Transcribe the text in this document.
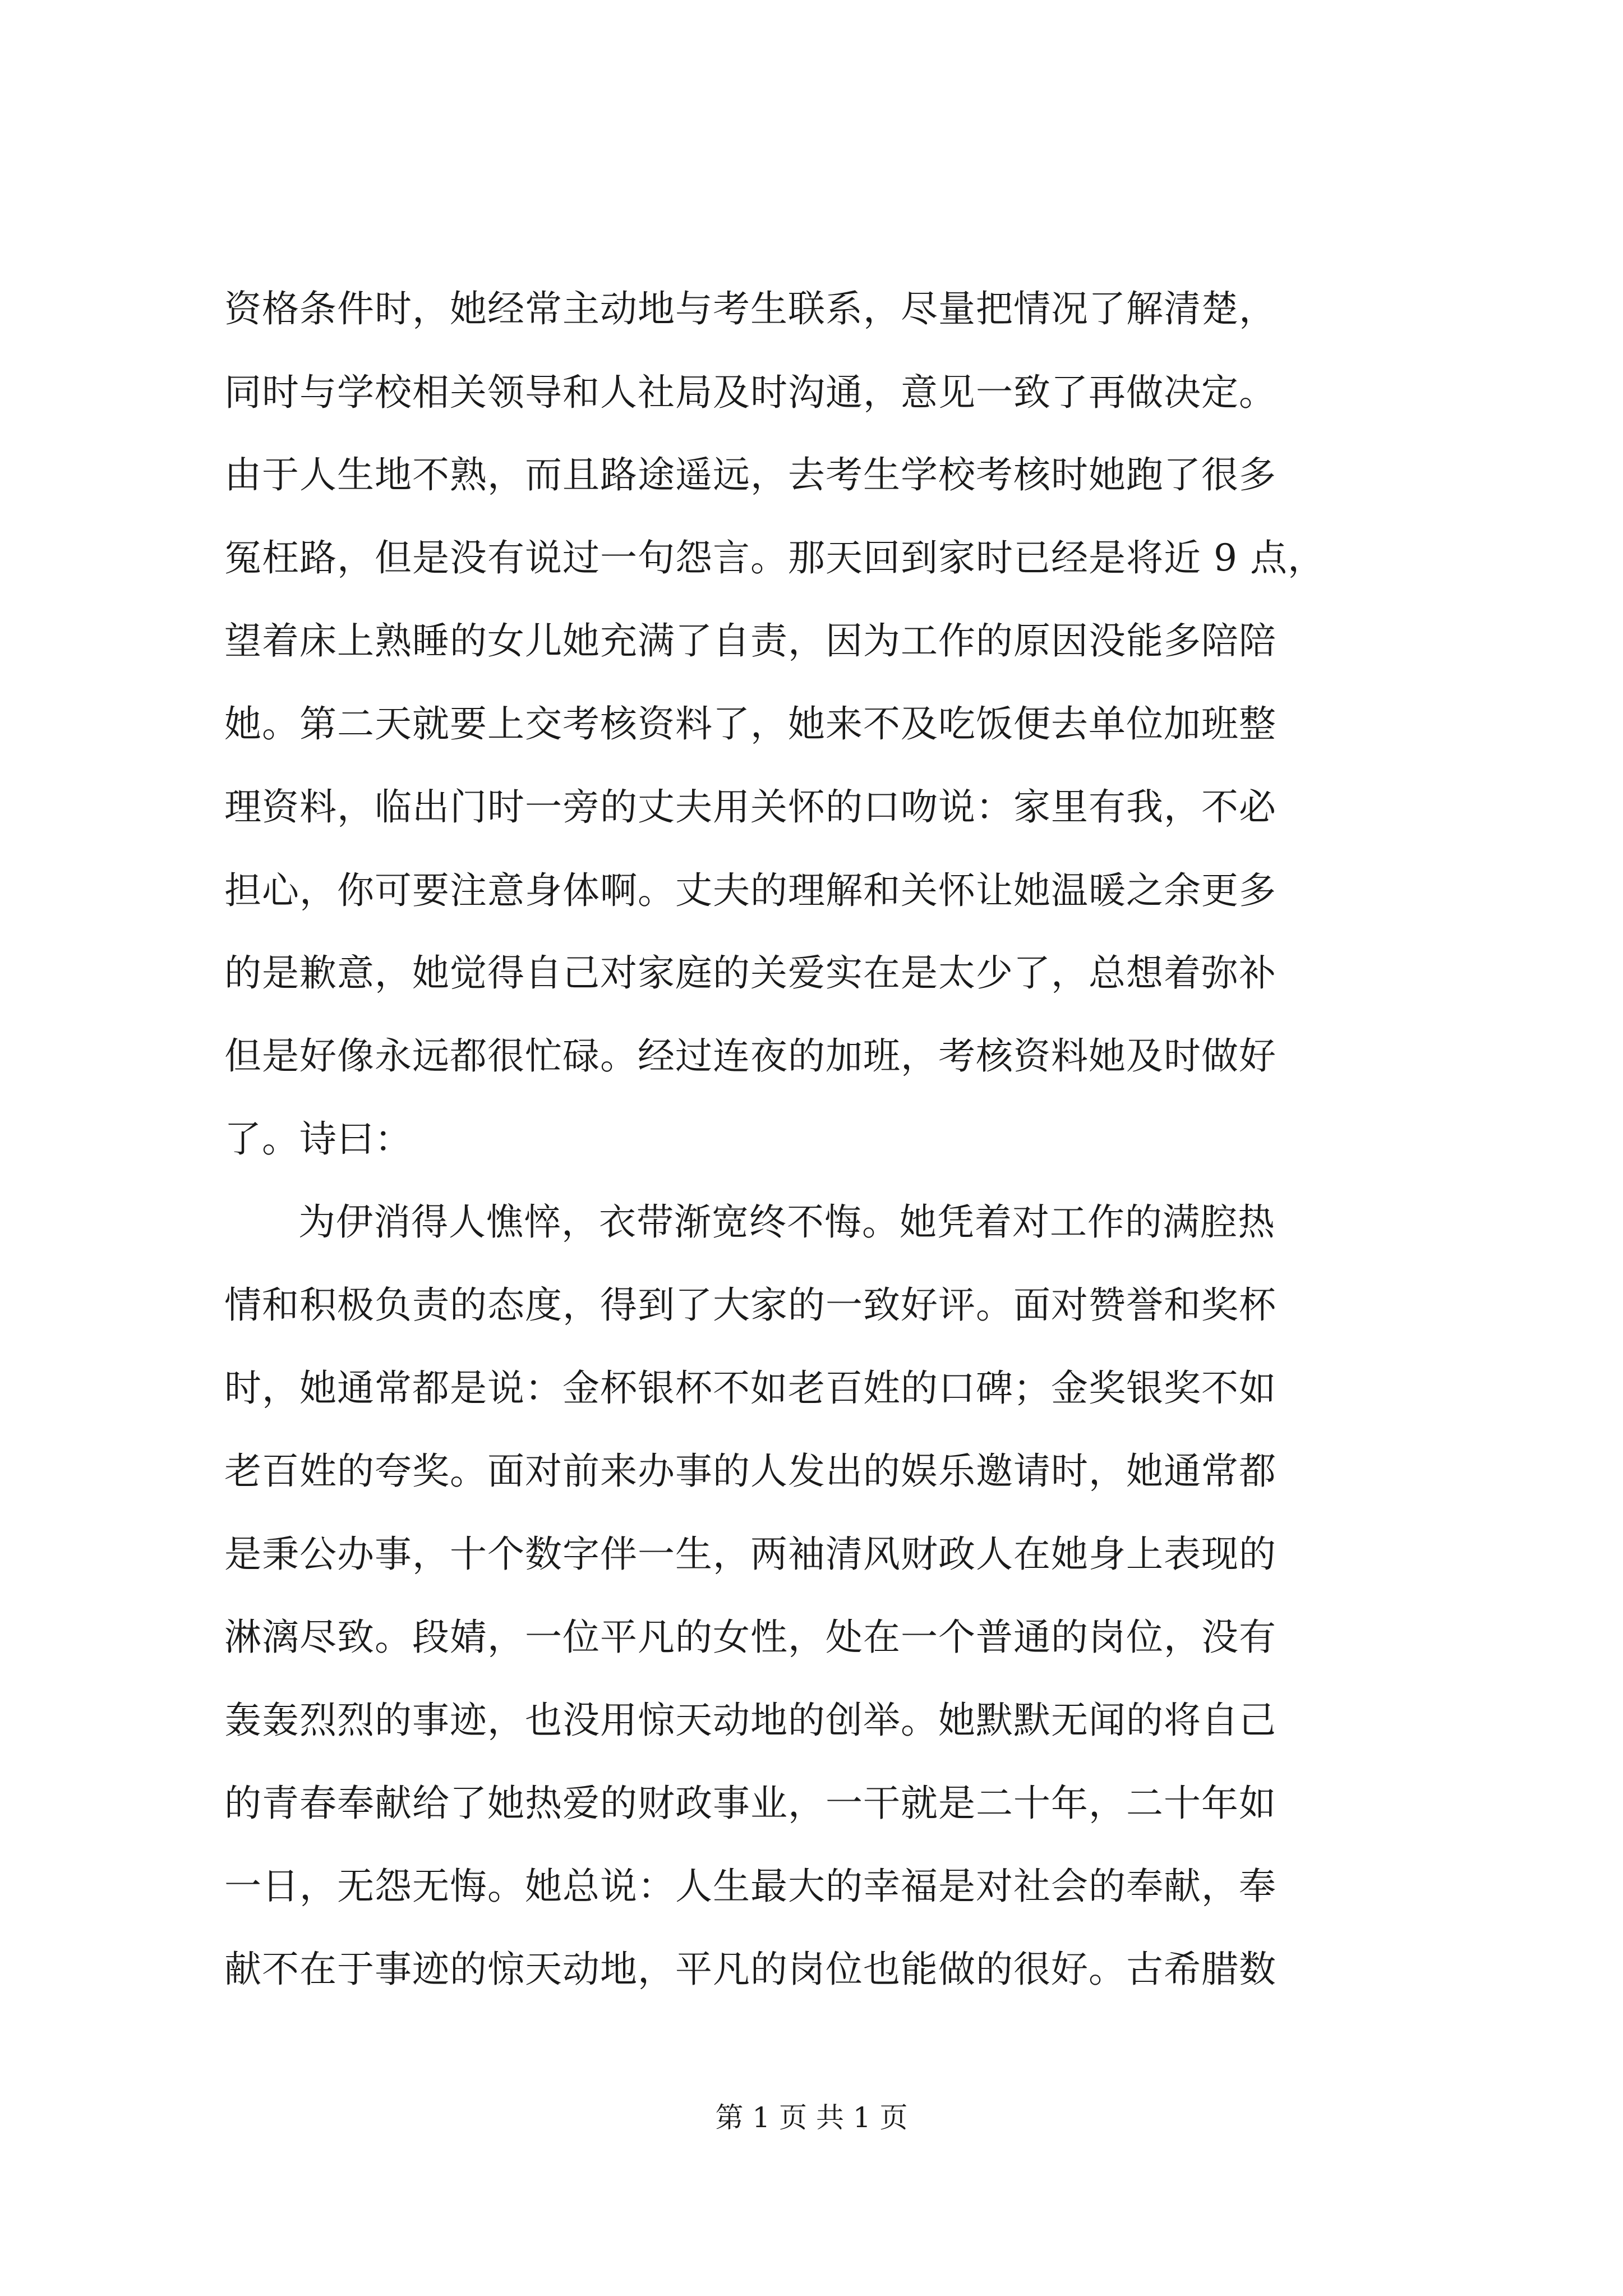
资格条件时，她经常主动地与考生联系，尽量把情况了解清楚，
同时与学校相关领导和人社局及时沟通，意见一致了再做决定。
由于人生地不熟，而且路途遥远，去考生学校考核时她跑了很多
冤枉路，但是没有说过一句怨言。那天回到家时已经是将近 9 点，
望着床上熟睡的女儿她充满了自责，因为工作的原因没能多陪陪
她。第二天就要上交考核资料了，她来不及吃饭便去单位加班整
理资料，临出门时一旁的丈夫用关怀的口吻说：家里有我，不必
担心，你可要注意身体啊。丈夫的理解和关怀让她温暖之余更多
的是歉意，她觉得自己对家庭的关爱实在是太少了，总想着弥补
但是好像永远都很忙碌。经过连夜的加班，考核资料她及时做好
了。诗曰：
为伊消得人憔悴，衣带渐宽终不悔。她凭着对工作的满腔热
情和积极负责的态度，得到了大家的一致好评。面对赞誉和奖杯
时，她通常都是说：金杯银杯不如老百姓的口碑；金奖银奖不如
老百姓的夸奖。面对前来办事的人发出的娱乐邀请时，她通常都
是秉公办事，十个数字伴一生，两袖清风财政人在她身上表现的
淋漓尽致。段婧，一位平凡的女性，处在一个普通的岗位，没有
轰轰烈烈的事迹，也没用惊天动地的创举。她默默无闻的将自己
的青春奉献给了她热爱的财政事业，一干就是二十年，二十年如
一日，无怨无悔。她总说：人生最大的幸福是对社会的奉献，奉
献不在于事迹的惊天动地，平凡的岗位也能做的很好。古希腊数
第 1 页 共 1 页
